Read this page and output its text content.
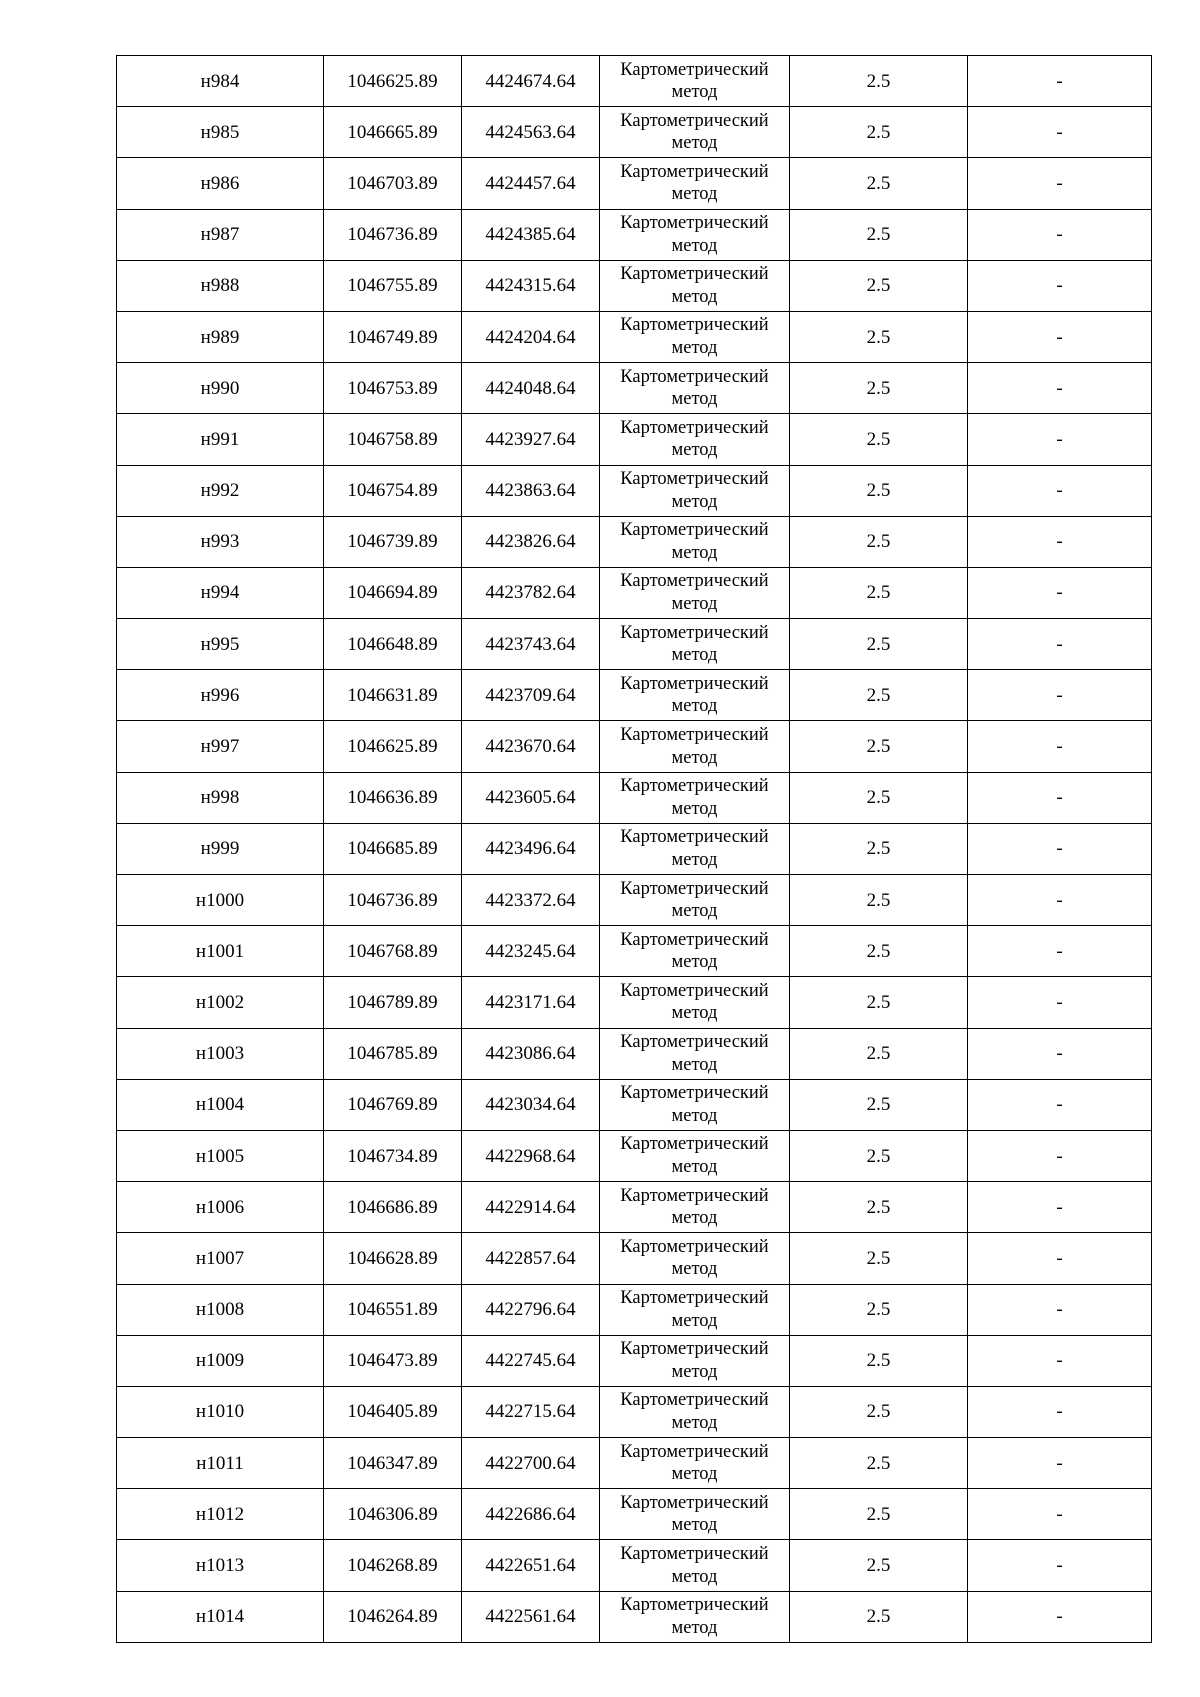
н984	1046625.89	4424674.64	Картометрический метод	2.5	-
н985	1046665.89	4424563.64	Картометрический метод	2.5	-
н986	1046703.89	4424457.64	Картометрический метод	2.5	-
н987	1046736.89	4424385.64	Картометрический метод	2.5	-
н988	1046755.89	4424315.64	Картометрический метод	2.5	-
н989	1046749.89	4424204.64	Картометрический метод	2.5	-
н990	1046753.89	4424048.64	Картометрический метод	2.5	-
н991	1046758.89	4423927.64	Картометрический метод	2.5	-
н992	1046754.89	4423863.64	Картометрический метод	2.5	-
н993	1046739.89	4423826.64	Картометрический метод	2.5	-
н994	1046694.89	4423782.64	Картометрический метод	2.5	-
н995	1046648.89	4423743.64	Картометрический метод	2.5	-
н996	1046631.89	4423709.64	Картометрический метод	2.5	-
н997	1046625.89	4423670.64	Картометрический метод	2.5	-
н998	1046636.89	4423605.64	Картометрический метод	2.5	-
н999	1046685.89	4423496.64	Картометрический метод	2.5	-
н1000	1046736.89	4423372.64	Картометрический метод	2.5	-
н1001	1046768.89	4423245.64	Картометрический метод	2.5	-
н1002	1046789.89	4423171.64	Картометрический метод	2.5	-
н1003	1046785.89	4423086.64	Картометрический метод	2.5	-
н1004	1046769.89	4423034.64	Картометрический метод	2.5	-
н1005	1046734.89	4422968.64	Картометрический метод	2.5	-
н1006	1046686.89	4422914.64	Картометрический метод	2.5	-
н1007	1046628.89	4422857.64	Картометрический метод	2.5	-
н1008	1046551.89	4422796.64	Картометрический метод	2.5	-
н1009	1046473.89	4422745.64	Картометрический метод	2.5	-
н1010	1046405.89	4422715.64	Картометрический метод	2.5	-
н1011	1046347.89	4422700.64	Картометрический метод	2.5	-
н1012	1046306.89	4422686.64	Картометрический метод	2.5	-
н1013	1046268.89	4422651.64	Картометрический метод	2.5	-
н1014	1046264.89	4422561.64	Картометрический метод	2.5	-
